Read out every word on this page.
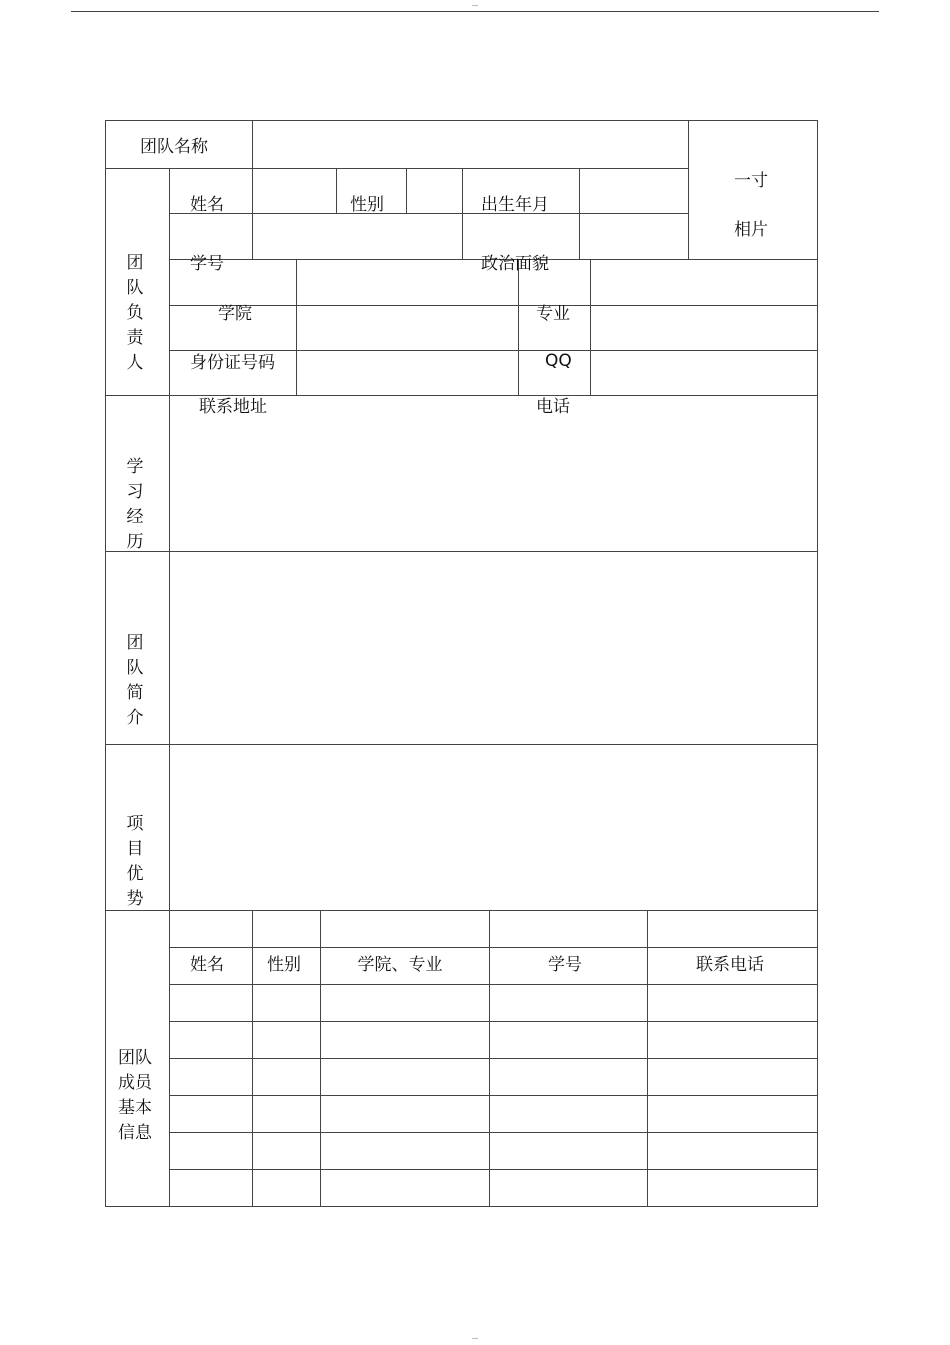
团队名称
一寸
相片
团队负责人
姓名	性别	出生年月
学号	政治面貌
学院	专业
身份证号码	QQ
联系地址	电话
学习经历
团队简介
项目优势
团队
成员
基本
信息
姓名	性别	学院、专业	学号	联系电话
